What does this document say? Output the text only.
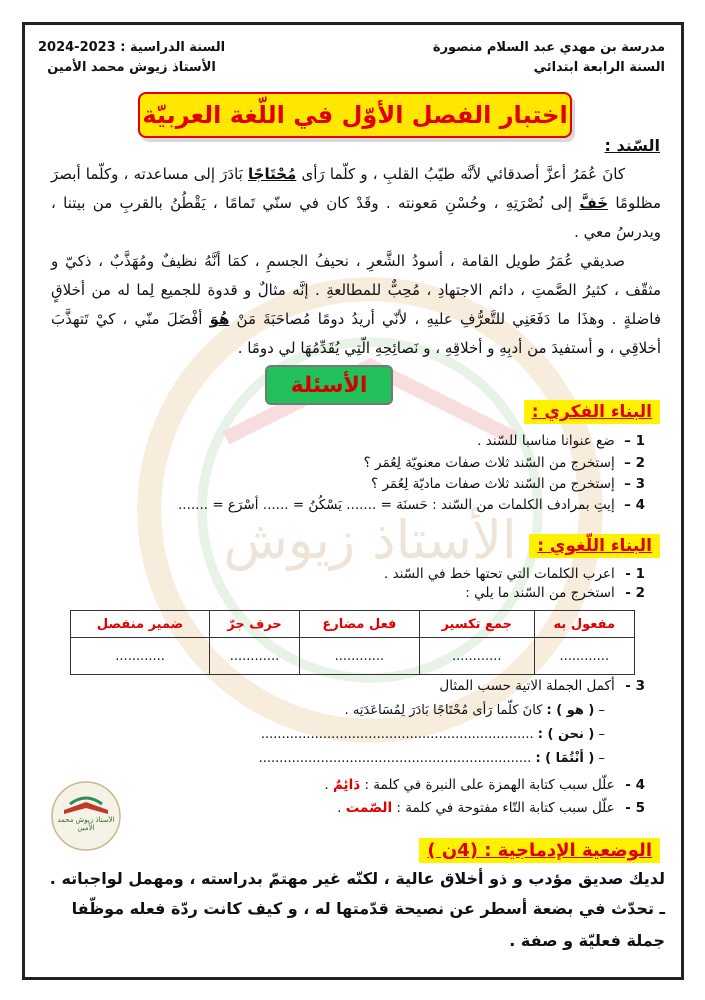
الأستاذ زيوش
مدرسة بن مهدي عبد السلام منصورة
السنة الرابعة ابتدائي
السنة الدراسية : 2024-2023
الأستاذ زيوش محمد الأمين
اختبار الفصل الأوّل في اللّغة العربيّة
السّند :
كانَ عُمَرُ أعزَّ أصدقائي لأنَّه طيّبُ القلبِ ، و كلّما رَأى مُحْتَاجًا بَادَرَ إلى مساعدته ، وكلّما أبصرَ مظلومًا خَفَّ إلى نُصْرَتِهِ ، وحُسْنِ مَعونته . وقَدْ كان في سنّي تَمامًا ، يَقْطُنُ بالقربِ من بيتنا ، ويدرسُ معي .
صديقي عُمَرُ طويل القامة ، أسودُ الشَّعرِ ، نحيفُ الجسمِ ، كمَا أنَّهُ نظيفٌ ومُهَذَّبٌ ، ذكيّ و مثقّف ، كثيرُ الصَّمتِ ، دائم الاجتهادِ ، مُحِبٌّ للمطالعةِ . إنَّه مثالٌ و قدوة للجميع لِما له من أخلاقٍ فاضلةٍ . وهذَا ما دَفَعَنِي للتَّعرُّفِ عليهِ ، لأنّي أريدُ دومًا مُصاحَبَةَ مَنْ هُوَ أفْضَلَ منّي ، كيْ تَتهذَّبَ أخلاقِي ، و أستفيدَ من أدبِهِ و أخلاقِهِ ، و نَصائِحِهِ الّتِي يُقَدِّمُهَا لي دومًا .
الأسئلة
البناء الفكري :
1 – ضع عنوانا مناسبا للسّند .
2 – إستخرج من السّند ثلاث صفات معنويّة لِعُمَر ؟
3 – إستخرج من السّند ثلاث صفات ماديّة لِعُمَر ؟
4 – إيتِ بمرادف الكلمات من السّند : حَسنَة = ....... يَسْكُنُ = ...... أسْرَع = .......
البناء اللّغوي :
1 - اعرب الكلمات التي تحتها خط في السّند .
2 - استخرج من السّند ما يلي :
مفعول به	جمع تكسير	فعل مضارع	حرف جرّ	ضمير منفصل
............	............	............	............	............
3 - أكمل الجملة الاتية حسب المثال
– ( هو ) : كانَ كلّما رَأى مُحْتَاجًا بَادَرَ لِمُسَاعَدَتِه .
– ( نحن ) : ..................................................................
– ( أنْتُمَا ) : ..................................................................
4 - علّل سبب كتابة الهمزة على النبرة في كلمة : دَائِمٌ .
5 - علّل سبب كتابة التّاء مفتوحة في كلمة : الصّمت .
الأستاذ زيوش محمد الأمين
الوضعية الإدماجية : (4ن )
لديك صديق مؤدب و ذو أخلاق عالية ، لكنّه غير مهتمّ بدراسته ، ومهمل لواجباته .
ـ تحدّث في بضعة أسطر عن نصيحة قدّمتها له ، و كيف كانت ردّة فعله موظّفا
جملة فعليّة و صفة .
